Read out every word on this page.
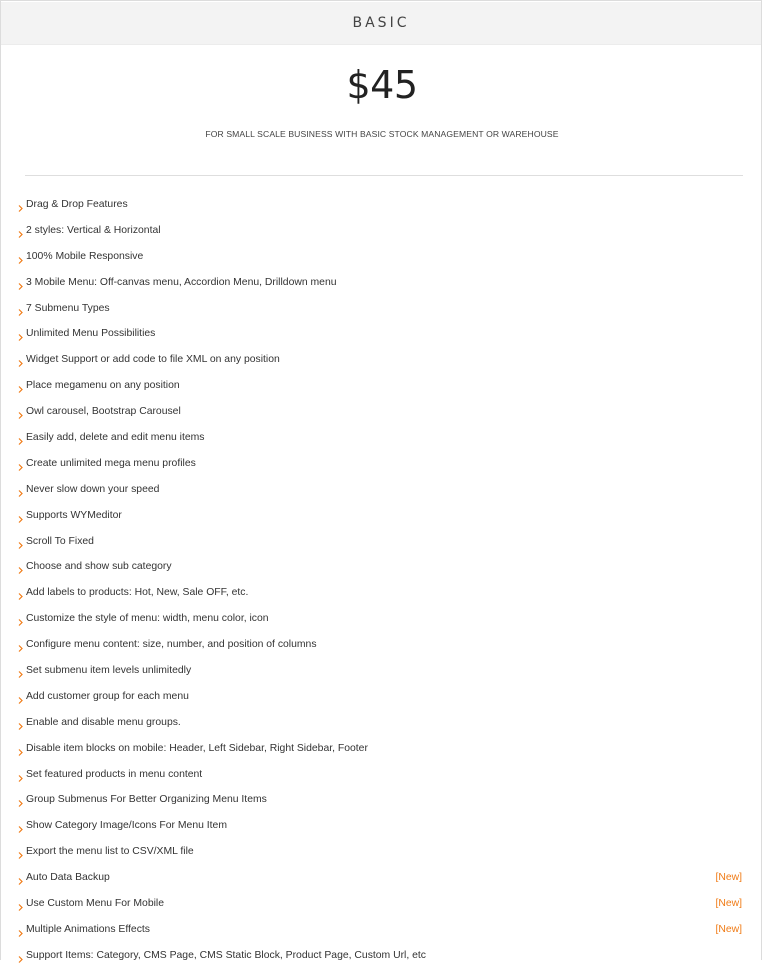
BASIC
$45
FOR SMALL SCALE BUSINESS WITH BASIC STOCK MANAGEMENT OR WAREHOUSE
Drag & Drop Features
2 styles: Vertical & Horizontal
100% Mobile Responsive
3 Mobile Menu: Off-canvas menu, Accordion Menu, Drilldown menu
7 Submenu Types
Unlimited Menu Possibilities
Widget Support or add code to file XML on any position
Place megamenu on any position
Owl carousel, Bootstrap Carousel
Easily add, delete and edit menu items
Create unlimited mega menu profiles
Never slow down your speed
Supports WYMeditor
Scroll To Fixed
Choose and show sub category
Add labels to products: Hot, New, Sale OFF, etc.
Customize the style of menu: width, menu color, icon
Configure menu content: size, number, and position of columns
Set submenu item levels unlimitedly
Add customer group for each menu
Enable and disable menu groups.
Disable item blocks on mobile: Header, Left Sidebar, Right Sidebar, Footer
Set featured products in menu content
Group Submenus For Better Organizing Menu Items
Show Category Image/Icons For Menu Item
Export the menu list to CSV/XML file
Auto Data Backup	[New]
Use Custom Menu For Mobile	[New]
Multiple Animations Effects	[New]
Support Items: Category, CMS Page, CMS Static Block, Product Page, Custom Url, etc
